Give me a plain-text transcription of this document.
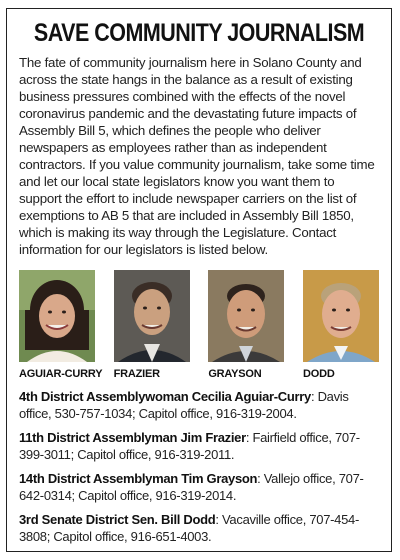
SAVE COMMUNITY JOURNALISM
The fate of community journalism here in Solano County and across the state hangs in the balance as a result of existing business pressures combined with the effects of the novel coronavirus pandemic and the devastating future impacts of Assembly Bill 5, which defines the people who deliver newspapers as employees rather than as independent contractors. If you value community journalism, take some time and let our local state legislators know you want them to support the effort to include newspaper carriers on the list of exemptions to AB 5 that are included in Assembly Bill 1850, which is making its way through the Legislature. Contact information for our legislators is listed below.
AGUIAR-CURRY FRAZIER	GRAYSON	DODD
4th District Assemblywoman Cecilia Aguiar-Curry: Davis office, 530-757-1034; Capitol office, 916-319-2004.
11th District Assemblyman Jim Frazier: Fairfield office, 707-399-3011; Capitol office, 916-319-2011.
14th District Assemblyman Tim Grayson: Vallejo office, 707-642-0314; Capitol office, 916-319-2014.
3rd Senate District Sen. Bill Dodd: Vacaville office, 707-454-3808; Capitol office, 916-651-4003.
